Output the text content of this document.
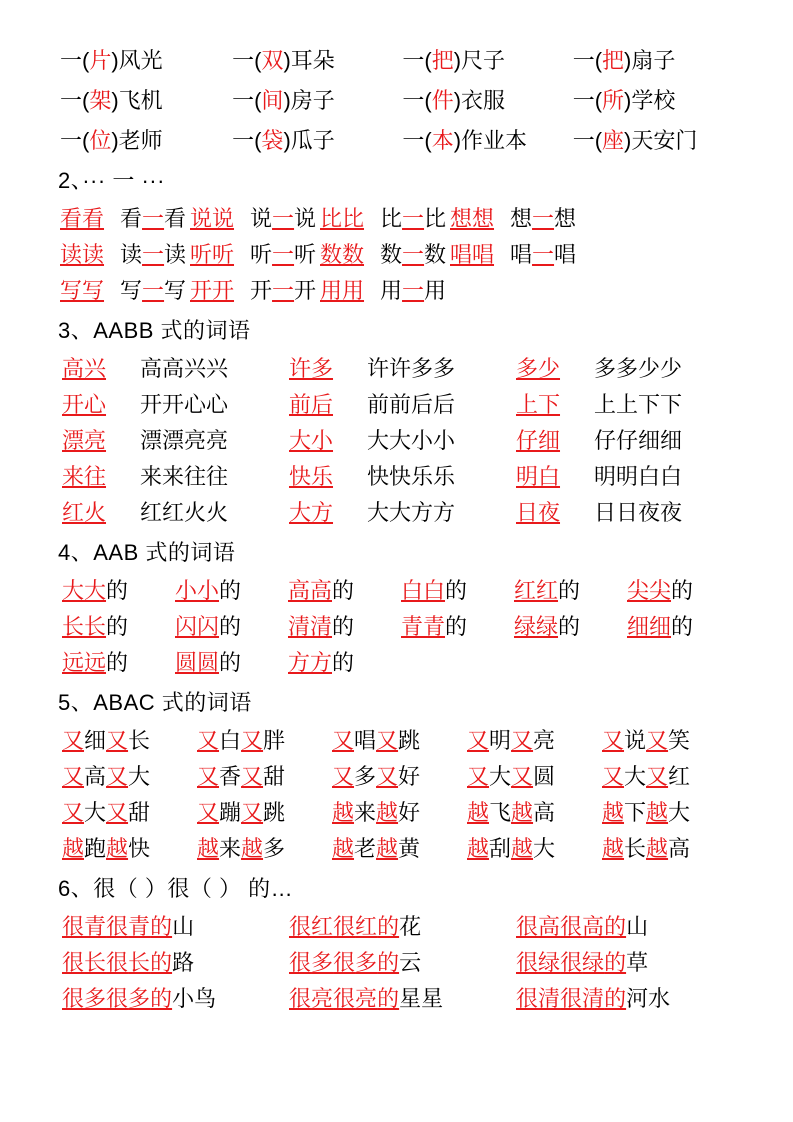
一(片)风光	一(双)耳朵	一(把)尺子	一(把)扇子
一(架)飞机	一(间)房子	一(件)衣服	一(所)学校
一(位)老师	一(袋)瓜子	一(本)作业本	一(座)天安门
2、··· 一 ···
看看 看一看 说说 说一说 比比 比一比 想想 想一想
读读 读一读 听听 听一听 数数 数一数 唱唱 唱一唱
写写 写一写 开开 开一开 用用 用一用
3、AABB 式的词语
高兴 高高兴兴	许多 许许多多	多少 多多少少
开心 开开心心	前后 前前后后	上下 上上下下
漂亮 漂漂亮亮	大小 大大小小	仔细 仔仔细细
来往 来来往往	快乐 快快乐乐	明白 明明白白
红火 红红火火	大方 大大方方	日夜 日日夜夜
4、AAB 式的词语
大大的	小小的	高高的	白白的	红红的	尖尖的
长长的	闪闪的	清清的	青青的	绿绿的	细细的
远远的	圆圆的	方方的
5、ABAC 式的词语
又细又长	又白又胖	又唱又跳	又明又亮	又说又笑
又高又大	又香又甜	又多又好	又大又圆	又大又红
又大又甜	又蹦又跳	越来越好	越飞越高	越下越大
越跑越快	越来越多	越老越黄	越刮越大	越长越高
6、很（ ）很（ ） 的…
很青很青的山	很红很红的花	很高很高的山
很长很长的路	很多很多的云	很绿很绿的草
很多很多的小鸟	很亮很亮的星星	很清很清的河水
